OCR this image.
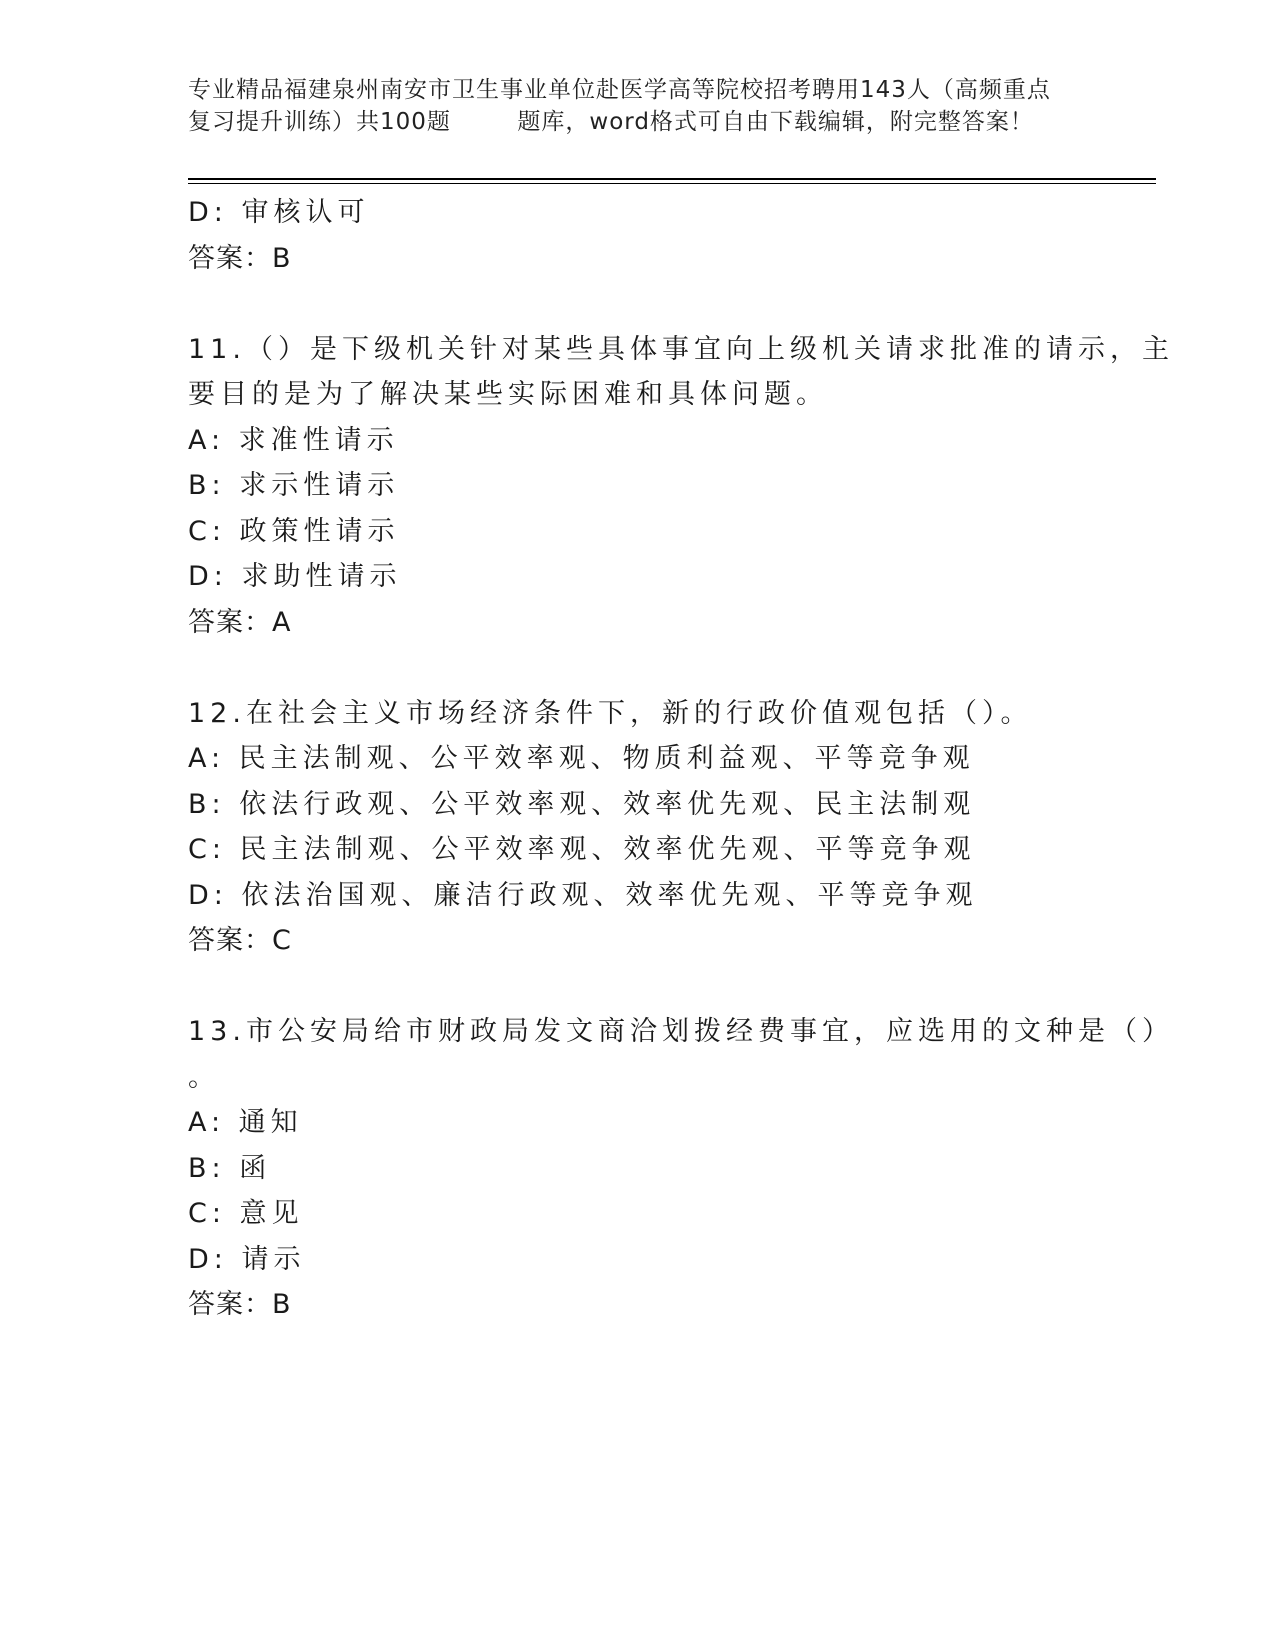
专业精品福建泉州南安市卫生事业单位赴医学高等院校招考聘用143人（高频重点
复习提升训练）共100题        题库，word格式可自由下载编辑，附完整答案！
D: 审核认可
答案：B
11.（）是下级机关针对某些具体事宜向上级机关请求批准的请示，主
要目的是为了解决某些实际困难和具体问题。
A: 求准性请示
B: 求示性请示
C: 政策性请示
D: 求助性请示
答案：A
12.在社会主义市场经济条件下，新的行政价值观包括（）。
A: 民主法制观、公平效率观、物质利益观、平等竞争观
B: 依法行政观、公平效率观、效率优先观、民主法制观
C: 民主法制观、公平效率观、效率优先观、平等竞争观
D: 依法治国观、廉洁行政观、效率优先观、平等竞争观
答案：C
13.市公安局给市财政局发文商洽划拨经费事宜，应选用的文种是（）
。
A: 通知
B: 函
C: 意见
D: 请示
答案：B
